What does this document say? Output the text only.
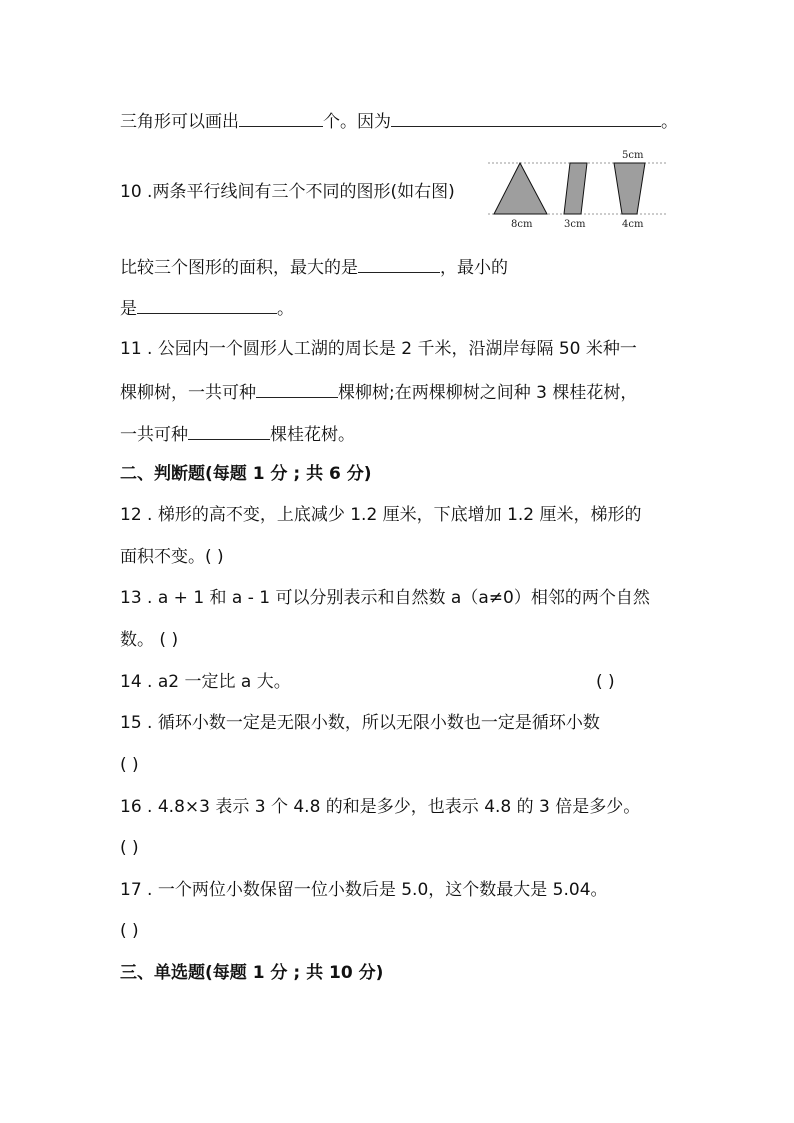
三角形可以画出	个。因为	。
10 .两条平行线间有三个不同的图形(如右图)
5cm
8cm	3cm	4cm
比较三个图形的面积，最大的是	，最小的
是	。
11 . 公园内一个圆形人工湖的周长是 2 千米，沿湖岸每隔 50 米种一
棵柳树，一共可种	棵柳树;在两棵柳树之间种 3 棵桂花树，
一共可种	棵桂花树。
二、判断题(每题 1 分 ; 共 6 分)
12 . 梯形的高不变，上底减少 1.2 厘米，下底增加 1.2 厘米，梯形的
面积不变。( )
13 . a + 1 和 a - 1 可以分别表示和自然数 a（a≠0）相邻的两个自然
数。 ( )
14 . a2 一定比 a 大。	( )
15 . 循环小数一定是无限小数，所以无限小数也一定是循环小数
( )
16 . 4.8×3 表示 3 个 4.8 的和是多少，也表示 4.8 的 3 倍是多少。
( )
17 . 一个两位小数保留一位小数后是 5.0，这个数最大是 5.04。
( )
三、单选题(每题 1 分 ; 共 10 分)
